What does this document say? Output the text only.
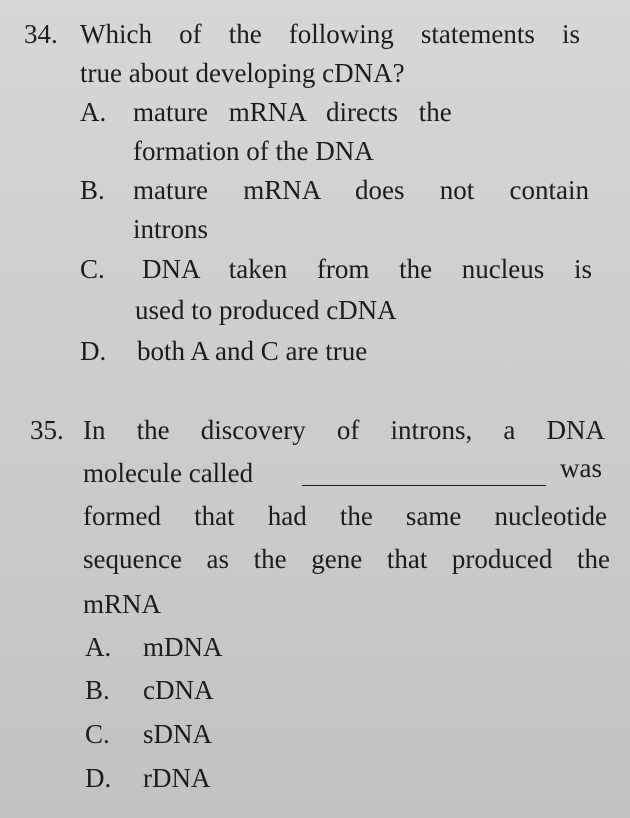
34. Which of the following statements is
true about developing cDNA?
A. mature mRNA directs the
formation of the DNA
B. mature mRNA does not contain
introns
C. DNA taken from the nucleus is
used to produced cDNA
D. both A and C are true
35. In the discovery of introns, a DNA
molecule called	was
formed that had the same nucleotide
sequence as the gene that produced the
mRNA
A. mDNA
B. cDNA
C. sDNA
D. rDNA
